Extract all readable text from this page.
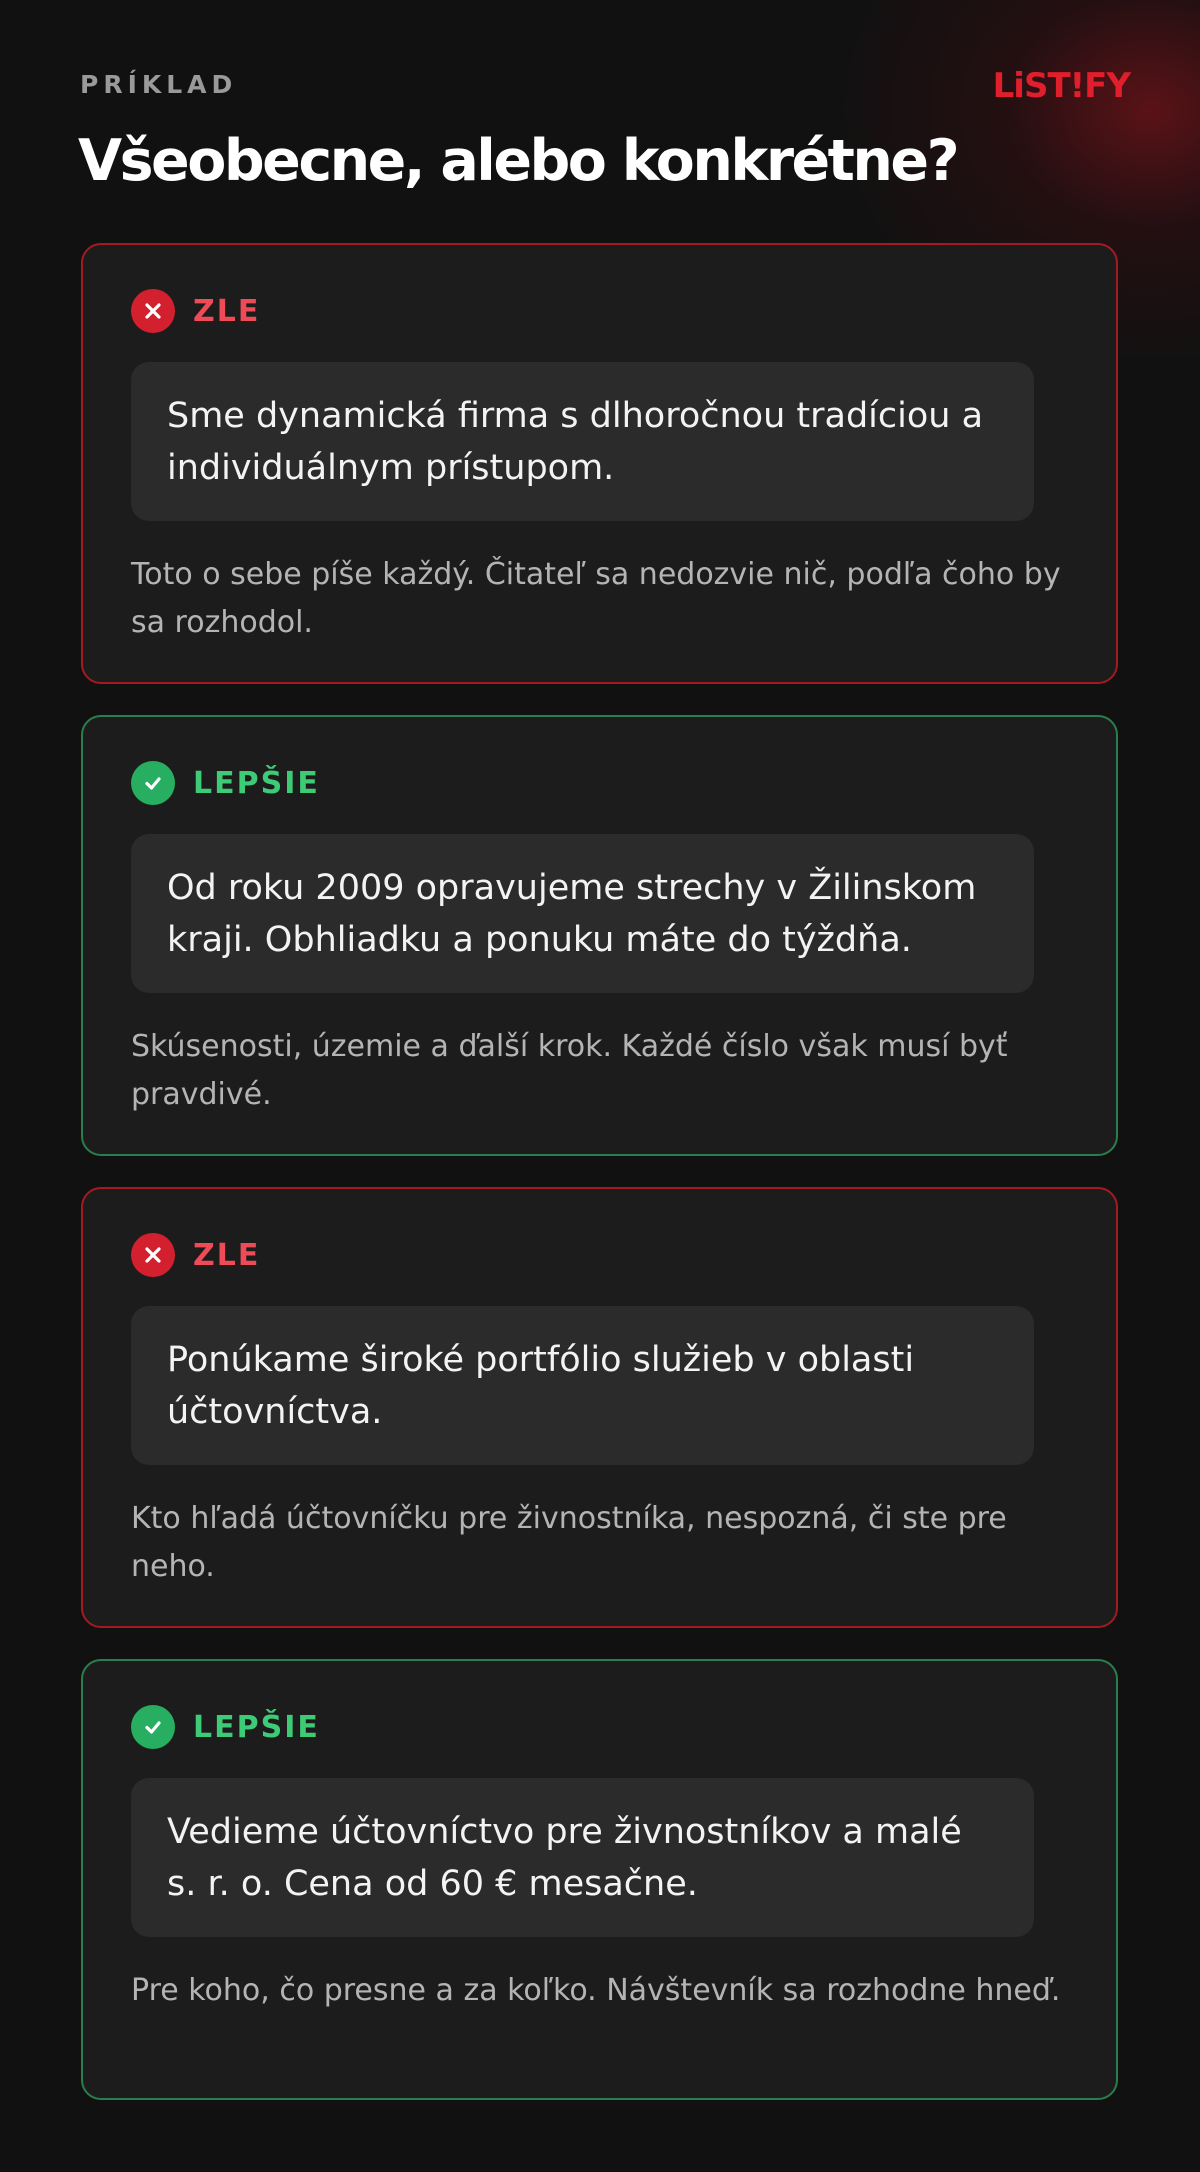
PRÍKLAD	LiST!FY
Všeobecne, alebo konkrétne?
ZLE
Sme dynamická firma s dlhoročnou tradíciou a individuálnym prístupom.
Toto o sebe píše každý. Čitateľ sa nedozvie nič, podľa čoho by sa rozhodol.
LEPŠIE
Od roku 2009 opravujeme strechy v Žilinskom kraji. Obhliadku a ponuku máte do týždňa.
Skúsenosti, územie a ďalší krok. Každé číslo však musí byť pravdivé.
ZLE
Ponúkame široké portfólio služieb v oblasti účtovníctva.
Kto hľadá účtovníčku pre živnostníka, nespozná, či ste pre neho.
LEPŠIE
Vedieme účtovníctvo pre živnostníkov a malé s. r. o. Cena od 60 € mesačne.
Pre koho, čo presne a za koľko. Návštevník sa rozhodne hneď.
